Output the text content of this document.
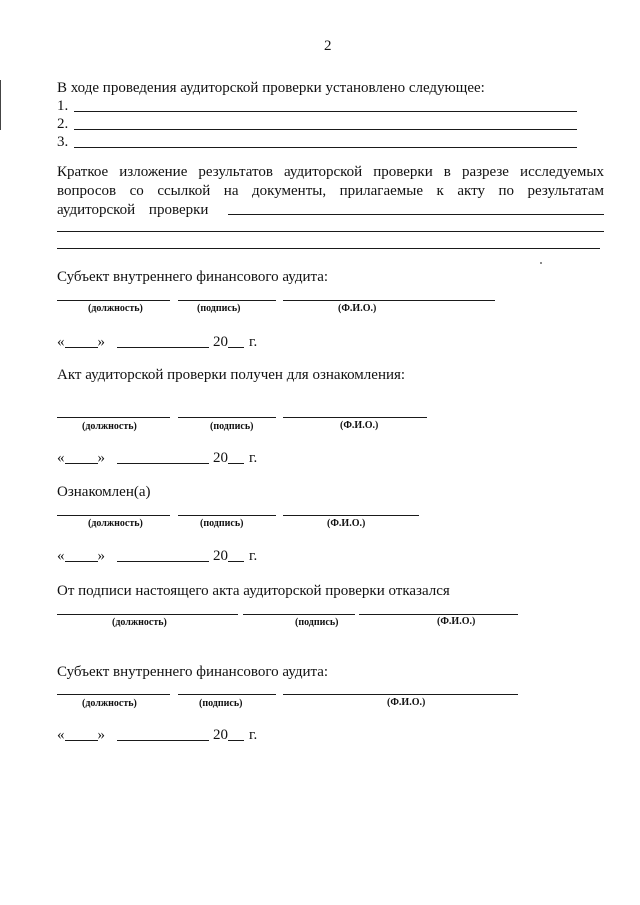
2
В ходе проведения аудиторской проверки установлено следующее:
1.
2.
3.
Краткое изложение результатов аудиторской проверки в разрезе исследуемых
вопросов со ссылкой на документы, прилагаемые к акту по результатам
аудиторской проверки
Субъект внутреннего финансового аудита:
(должность)	(подпись)	(Ф.И.О.)
« »	20 г.
Акт аудиторской проверки получен для ознакомления:
(должность)	(подпись)	(Ф.И.О.)
« »	20 г.
Ознакомлен(а)
(должность)	(подпись)	(Ф.И.О.)
« »	20 г.
От подписи настоящего акта аудиторской проверки отказался
(должность)	(подпись)	(Ф.И.О.)
Субъект внутреннего финансового аудита:
(должность)	(подпись)	(Ф.И.О.)
« »	20 г.
